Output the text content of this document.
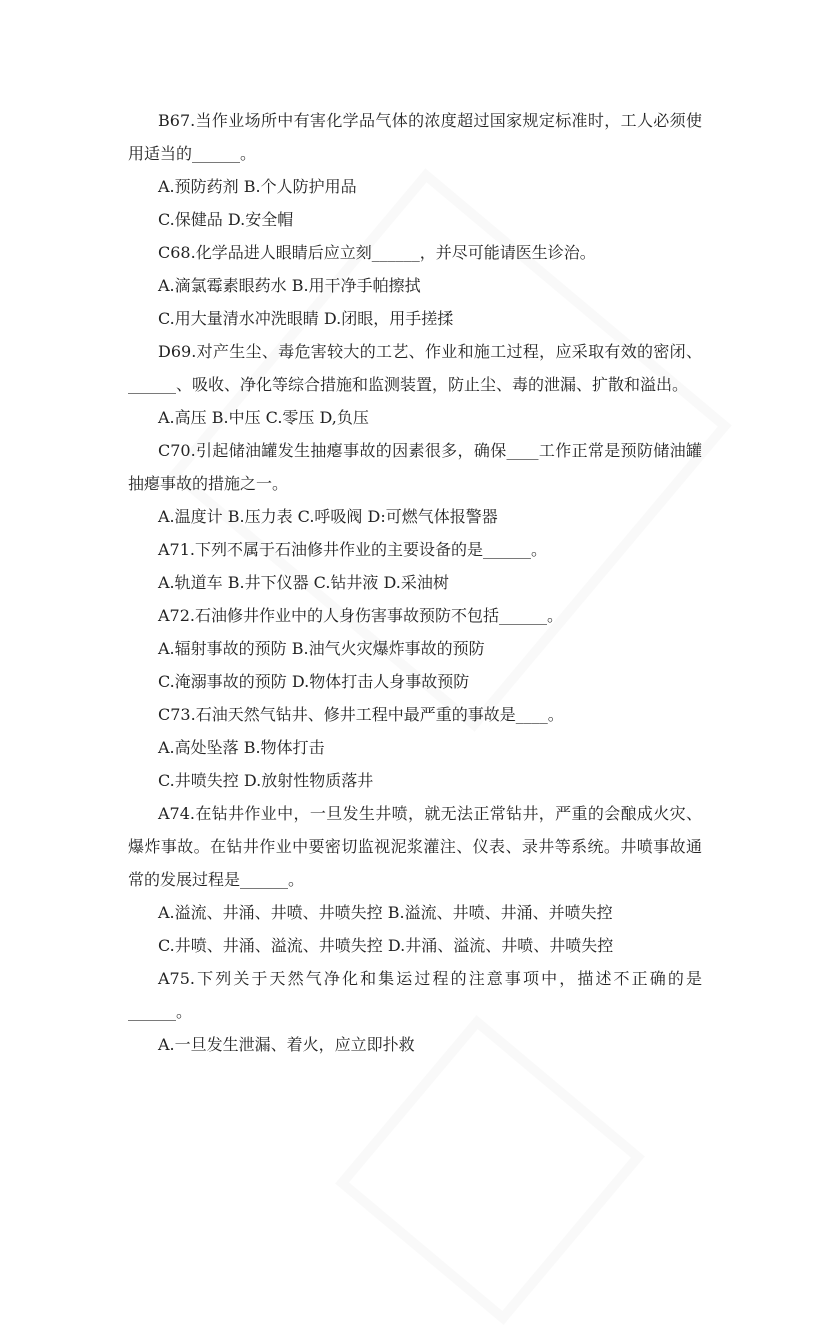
B67.当作业场所中有害化学品气体的浓度超过国家规定标准时，工人必须使用适当的______。

A.预防药剂 B.个人防护用品

C.保健品 D.安全帽

C68.化学品进人眼睛后应立刻______，并尽可能请医生诊治。

A.滴氯霉素眼药水 B.用干净手帕擦拭

C.用大量清水冲洗眼睛 D.闭眼，用手搓揉

D69.对产生尘、毒危害较大的工艺、作业和施工过程，应采取有效的密闭、______、吸收、净化等综合措施和监测装置，防止尘、毒的泄漏、扩散和溢出。

A.高压 B.中压 C.零压 D,负压

C70.引起储油罐发生抽瘪事故的因素很多，确保____工作正常是预防储油罐抽瘪事故的措施之一。

A.温度计 B.压力表 C.呼吸阀 D:可燃气体报警器

A71.下列不属于石油修井作业的主要设备的是______。

A.轨道车 B.井下仪器 C.钻井液 D.采油树

A72.石油修井作业中的人身伤害事故预防不包括______。

A.辐射事故的预防 B.油气火灾爆炸事故的预防

C.淹溺事故的预防 D.物体打击人身事故预防

C73.石油天然气钻井、修井工程中最严重的事故是____。

A.高处坠落 B.物体打击

C.井喷失控 D.放射性物质落井

A74.在钻井作业中，一旦发生井喷，就无法正常钻井，严重的会酿成火灾、爆炸事故。在钻井作业中要密切监视泥浆灌注、仪表、录井等系统。井喷事故通常的发展过程是______。

A.溢流、井涌、井喷、井喷失控 B.溢流、井喷、井涌、并喷失控

C.井喷、井涌、溢流、井喷失控 D.井涌、溢流、井喷、井喷失控

A75.下列关于天然气净化和集运过程的注意事项中，描述不正确的是______。

A.一旦发生泄漏、着火，应立即扑救
